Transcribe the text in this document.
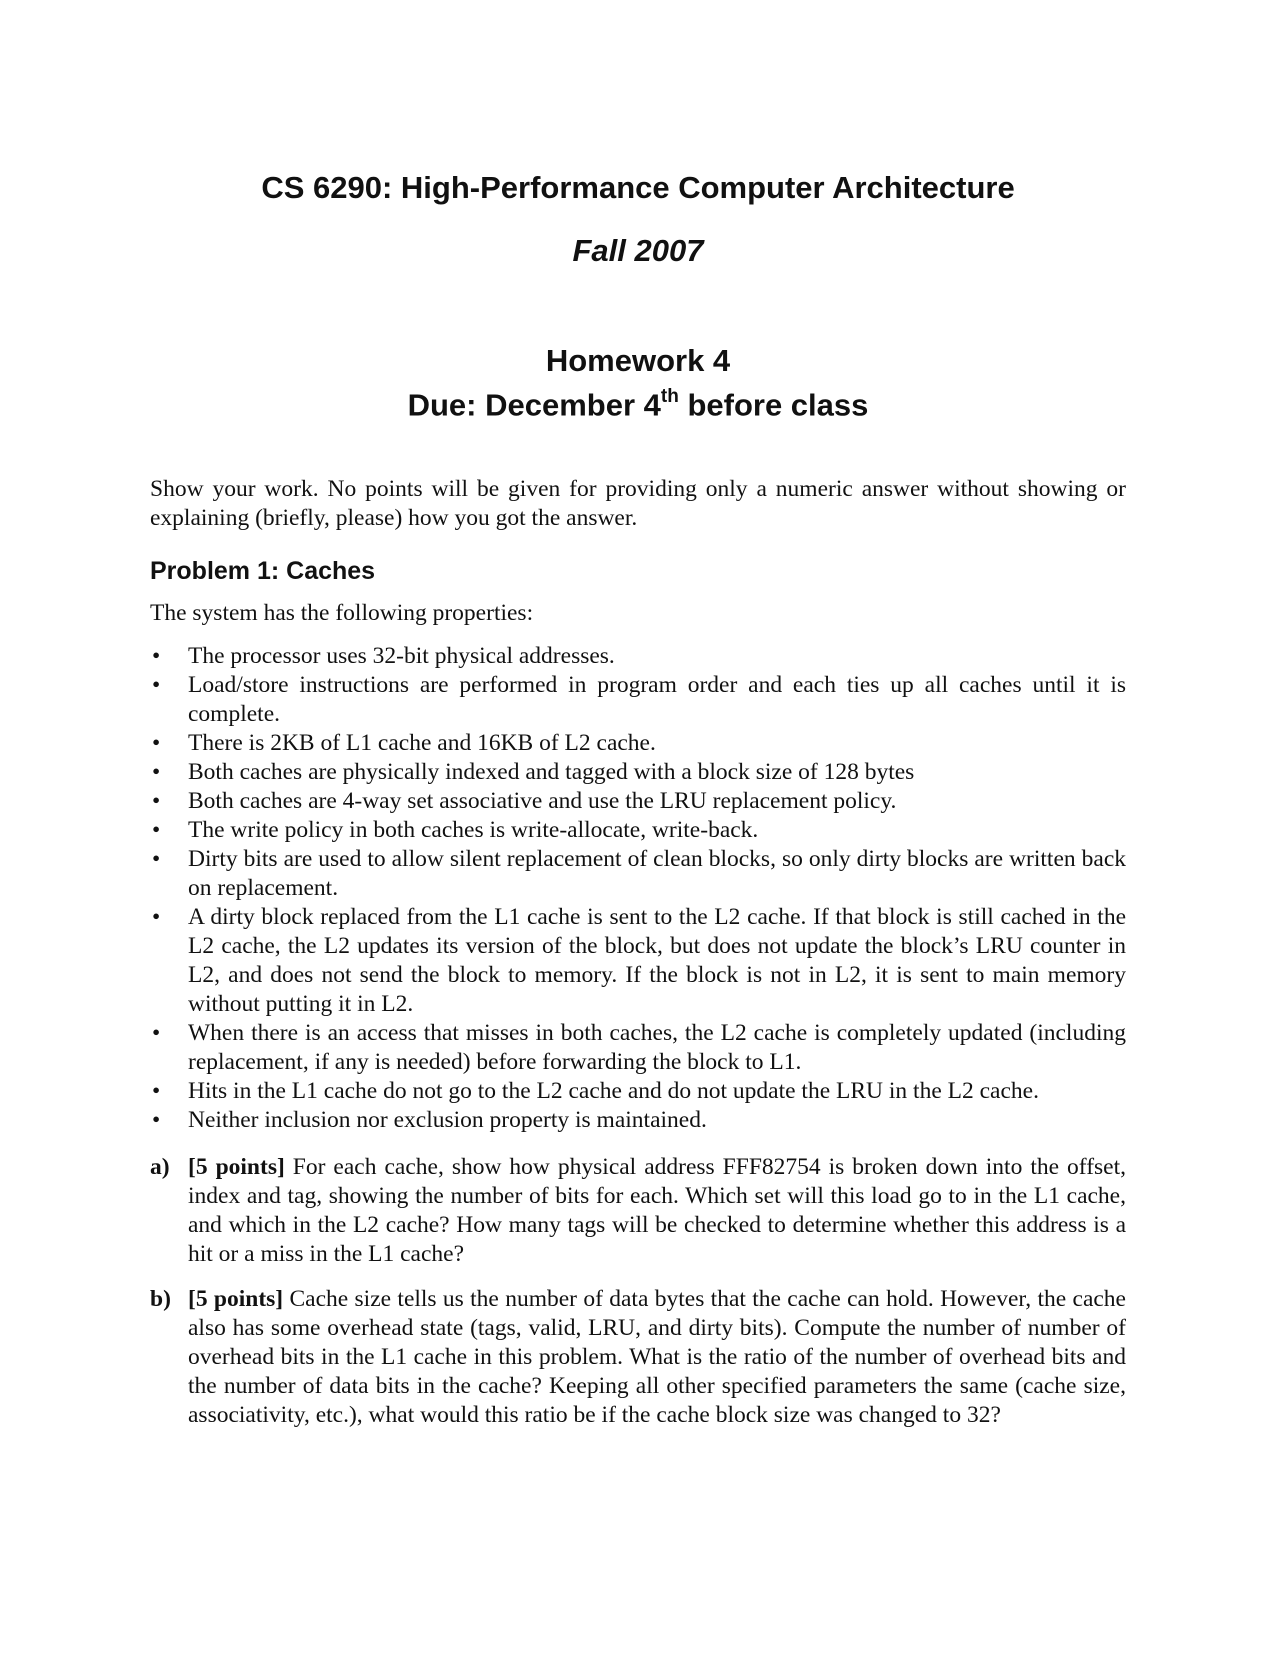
CS 6290: High-Performance Computer Architecture
Fall 2007
Homework 4
Due: December 4th before class

Show your work. No points will be given for providing only a numeric answer without showing or explaining (briefly, please) how you got the answer.

Problem 1: Caches

The system has the following properties:

•	The processor uses 32-bit physical addresses.
•	Load/store instructions are performed in program order and each ties up all caches until it is complete.
•	There is 2KB of L1 cache and 16KB of L2 cache.
•	Both caches are physically indexed and tagged with a block size of 128 bytes
•	Both caches are 4-way set associative and use the LRU replacement policy.
•	The write policy in both caches is write-allocate, write-back.
•	Dirty bits are used to allow silent replacement of clean blocks, so only dirty blocks are written back on replacement.
•	A dirty block replaced from the L1 cache is sent to the L2 cache. If that block is still cached in the L2 cache, the L2 updates its version of the block, but does not update the block’s LRU counter in L2, and does not send the block to memory. If the block is not in L2, it is sent to main memory without putting it in L2.
•	When there is an access that misses in both caches, the L2 cache is completely updated (including replacement, if any is needed) before forwarding the block to L1.
•	Hits in the L1 cache do not go to the L2 cache and do not update the LRU in the L2 cache.
•	Neither inclusion nor exclusion property is maintained.
a) [5 points] For each cache, show how physical address FFF82754 is broken down into the offset, index and tag, showing the number of bits for each. Which set will this load go to in the L1 cache, and which in the L2 cache? How many tags will be checked to determine whether this address is a hit or a miss in the L1 cache?
b) [5 points] Cache size tells us the number of data bytes that the cache can hold. However, the cache also has some overhead state (tags, valid, LRU, and dirty bits). Compute the number of number of overhead bits in the L1 cache in this problem. What is the ratio of the number of overhead bits and the number of data bits in the cache? Keeping all other specified parameters the same (cache size, associativity, etc.), what would this ratio be if the cache block size was changed to 32?
